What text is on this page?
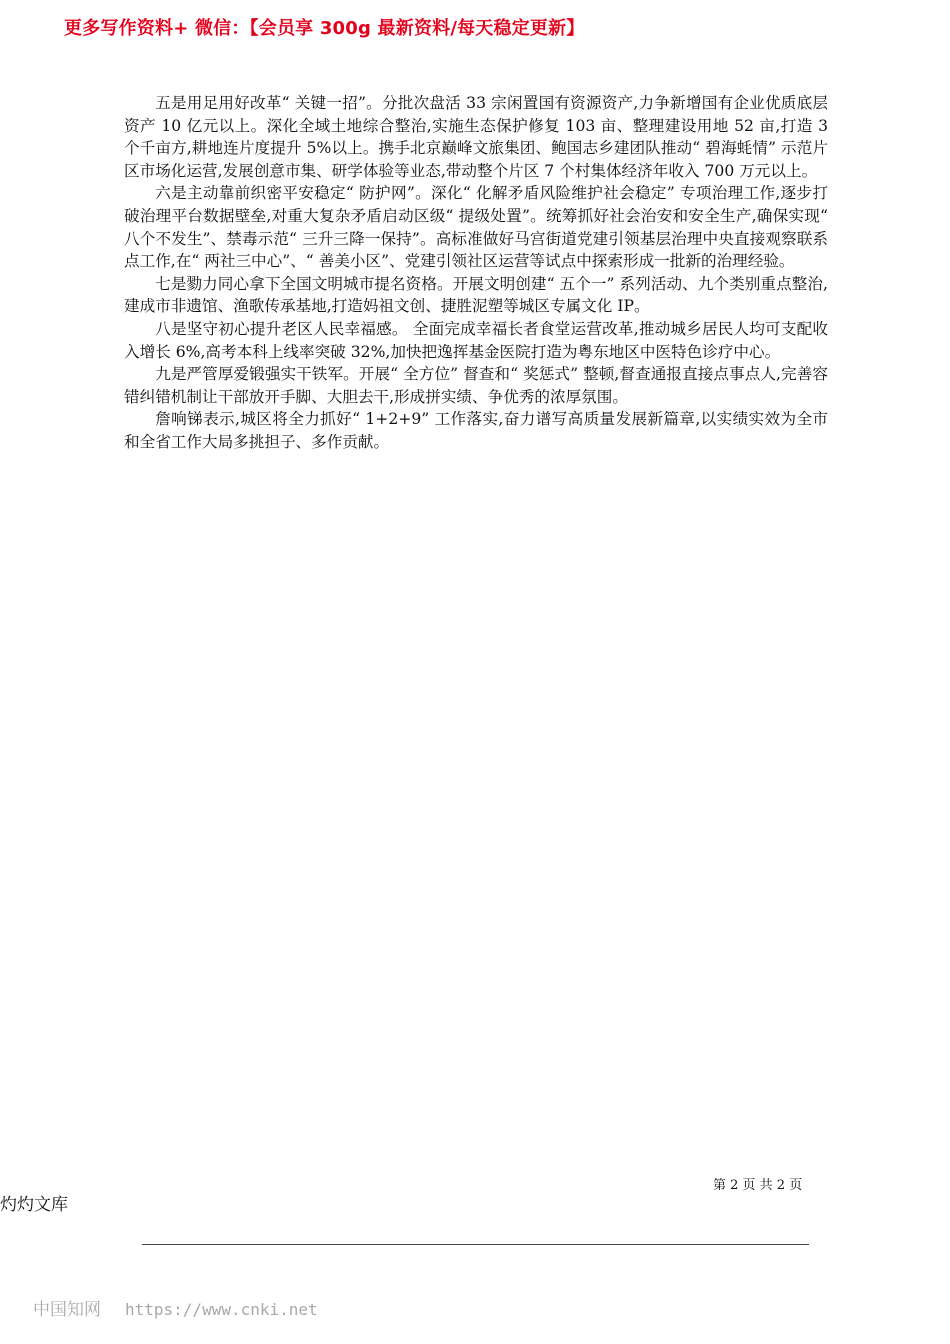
更多写作资料+ 微信：【会员享 300g 最新资料/每天稳定更新】

五是用足用好改革“ 关键一招”。分批次盘活 33 宗闲置国有资源资产,力争新增国有企业优质底层资产 10 亿元以上。深化全域土地综合整治,实施生态保护修复 103 亩、整理建设用地 52 亩,打造 3 个千亩方,耕地连片度提升 5%以上。携手北京巅峰文旅集团、鲍国志乡建团队推动“ 碧海蚝情” 示范片区市场化运营,发展创意市集、研学体验等业态,带动整个片区 7 个村集体经济年收入 700 万元以上。

六是主动靠前织密平安稳定“ 防护网”。深化“ 化解矛盾风险维护社会稳定” 专项治理工作,逐步打破治理平台数据壁垒,对重大复杂矛盾启动区级“ 提级处置”。统筹抓好社会治安和安全生产,确保实现“ 八个不发生”、禁毒示范“ 三升三降一保持”。高标准做好马宫街道党建引领基层治理中央直接观察联系点工作,在“ 两社三中心”、“ 善美小区”、党建引领社区运营等试点中探索形成一批新的治理经验。

七是勠力同心拿下全国文明城市提名资格。开展文明创建“ 五个一” 系列活动、九个类别重点整治,建成市非遗馆、渔歌传承基地,打造妈祖文创、捷胜泥塑等城区专属文化 IP。

八是坚守初心提升老区人民幸福感。 全面完成幸福长者食堂运营改革,推动城乡居民人均可支配收入增长 6%,高考本科上线率突破 32%,加快把逸挥基金医院打造为粤东地区中医特色诊疗中心。

九是严管厚爱锻强实干铁军。开展“ 全方位” 督查和“ 奖惩式” 整顿,督查通报直接点事点人,完善容错纠错机制让干部放开手脚、大胆去干,形成拼实绩、争优秀的浓厚氛围。

詹响锑表示,城区将全力抓好“ 1+2+9” 工作落实,奋力谱写高质量发展新篇章,以实绩实效为全市和全省工作大局多挑担子、多作贡献。

第 2 页 共 2 页
灼灼文库
中国知网 https://www.cnki.net
